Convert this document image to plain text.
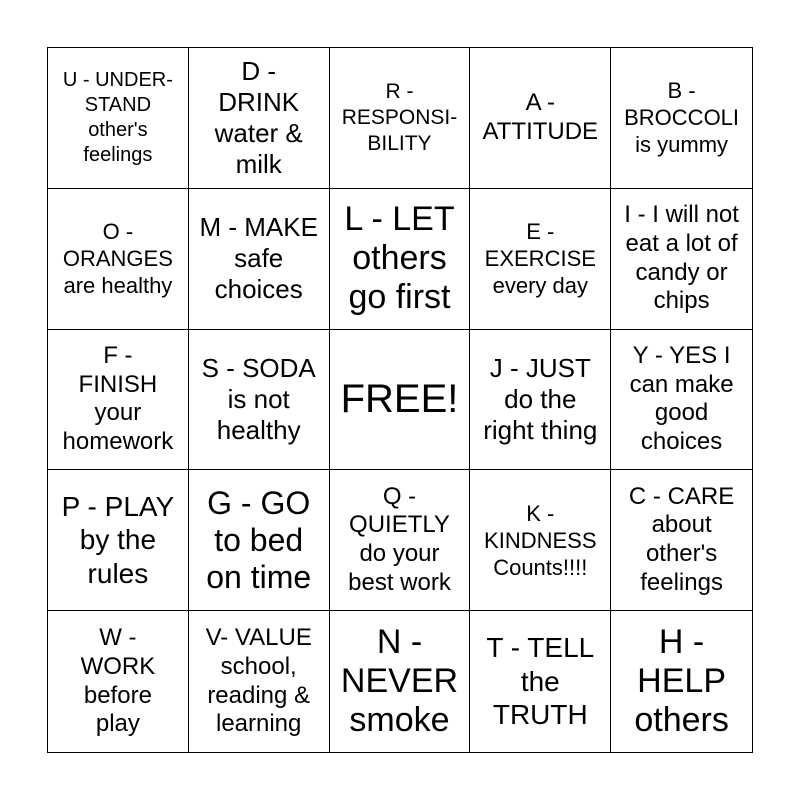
U - UNDER-
STAND
other's
feelings
D -
DRINK
water &
milk
R -
RESPONSI-
BILITY
A -
ATTITUDE
B -
BROCCOLI
is yummy
O -
ORANGES
are healthy
M - MAKE
safe
choices
L - LET
others
go first
E -
EXERCISE
every day
I - I will not
eat a lot of
candy or
chips
F -
FINISH
your
homework
S - SODA
is not
healthy
FREE!
J - JUST
do the
right thing
Y - YES I
can make
good
choices
P - PLAY
by the
rules
G - GO
to bed
on time
Q -
QUIETLY
do your
best work
K -
KINDNESS
Counts!!!!
C - CARE
about
other's
feelings
W -
WORK
before
play
V- VALUE
school,
reading &
learning
N -
NEVER
smoke
T - TELL
the
TRUTH
H -
HELP
others
